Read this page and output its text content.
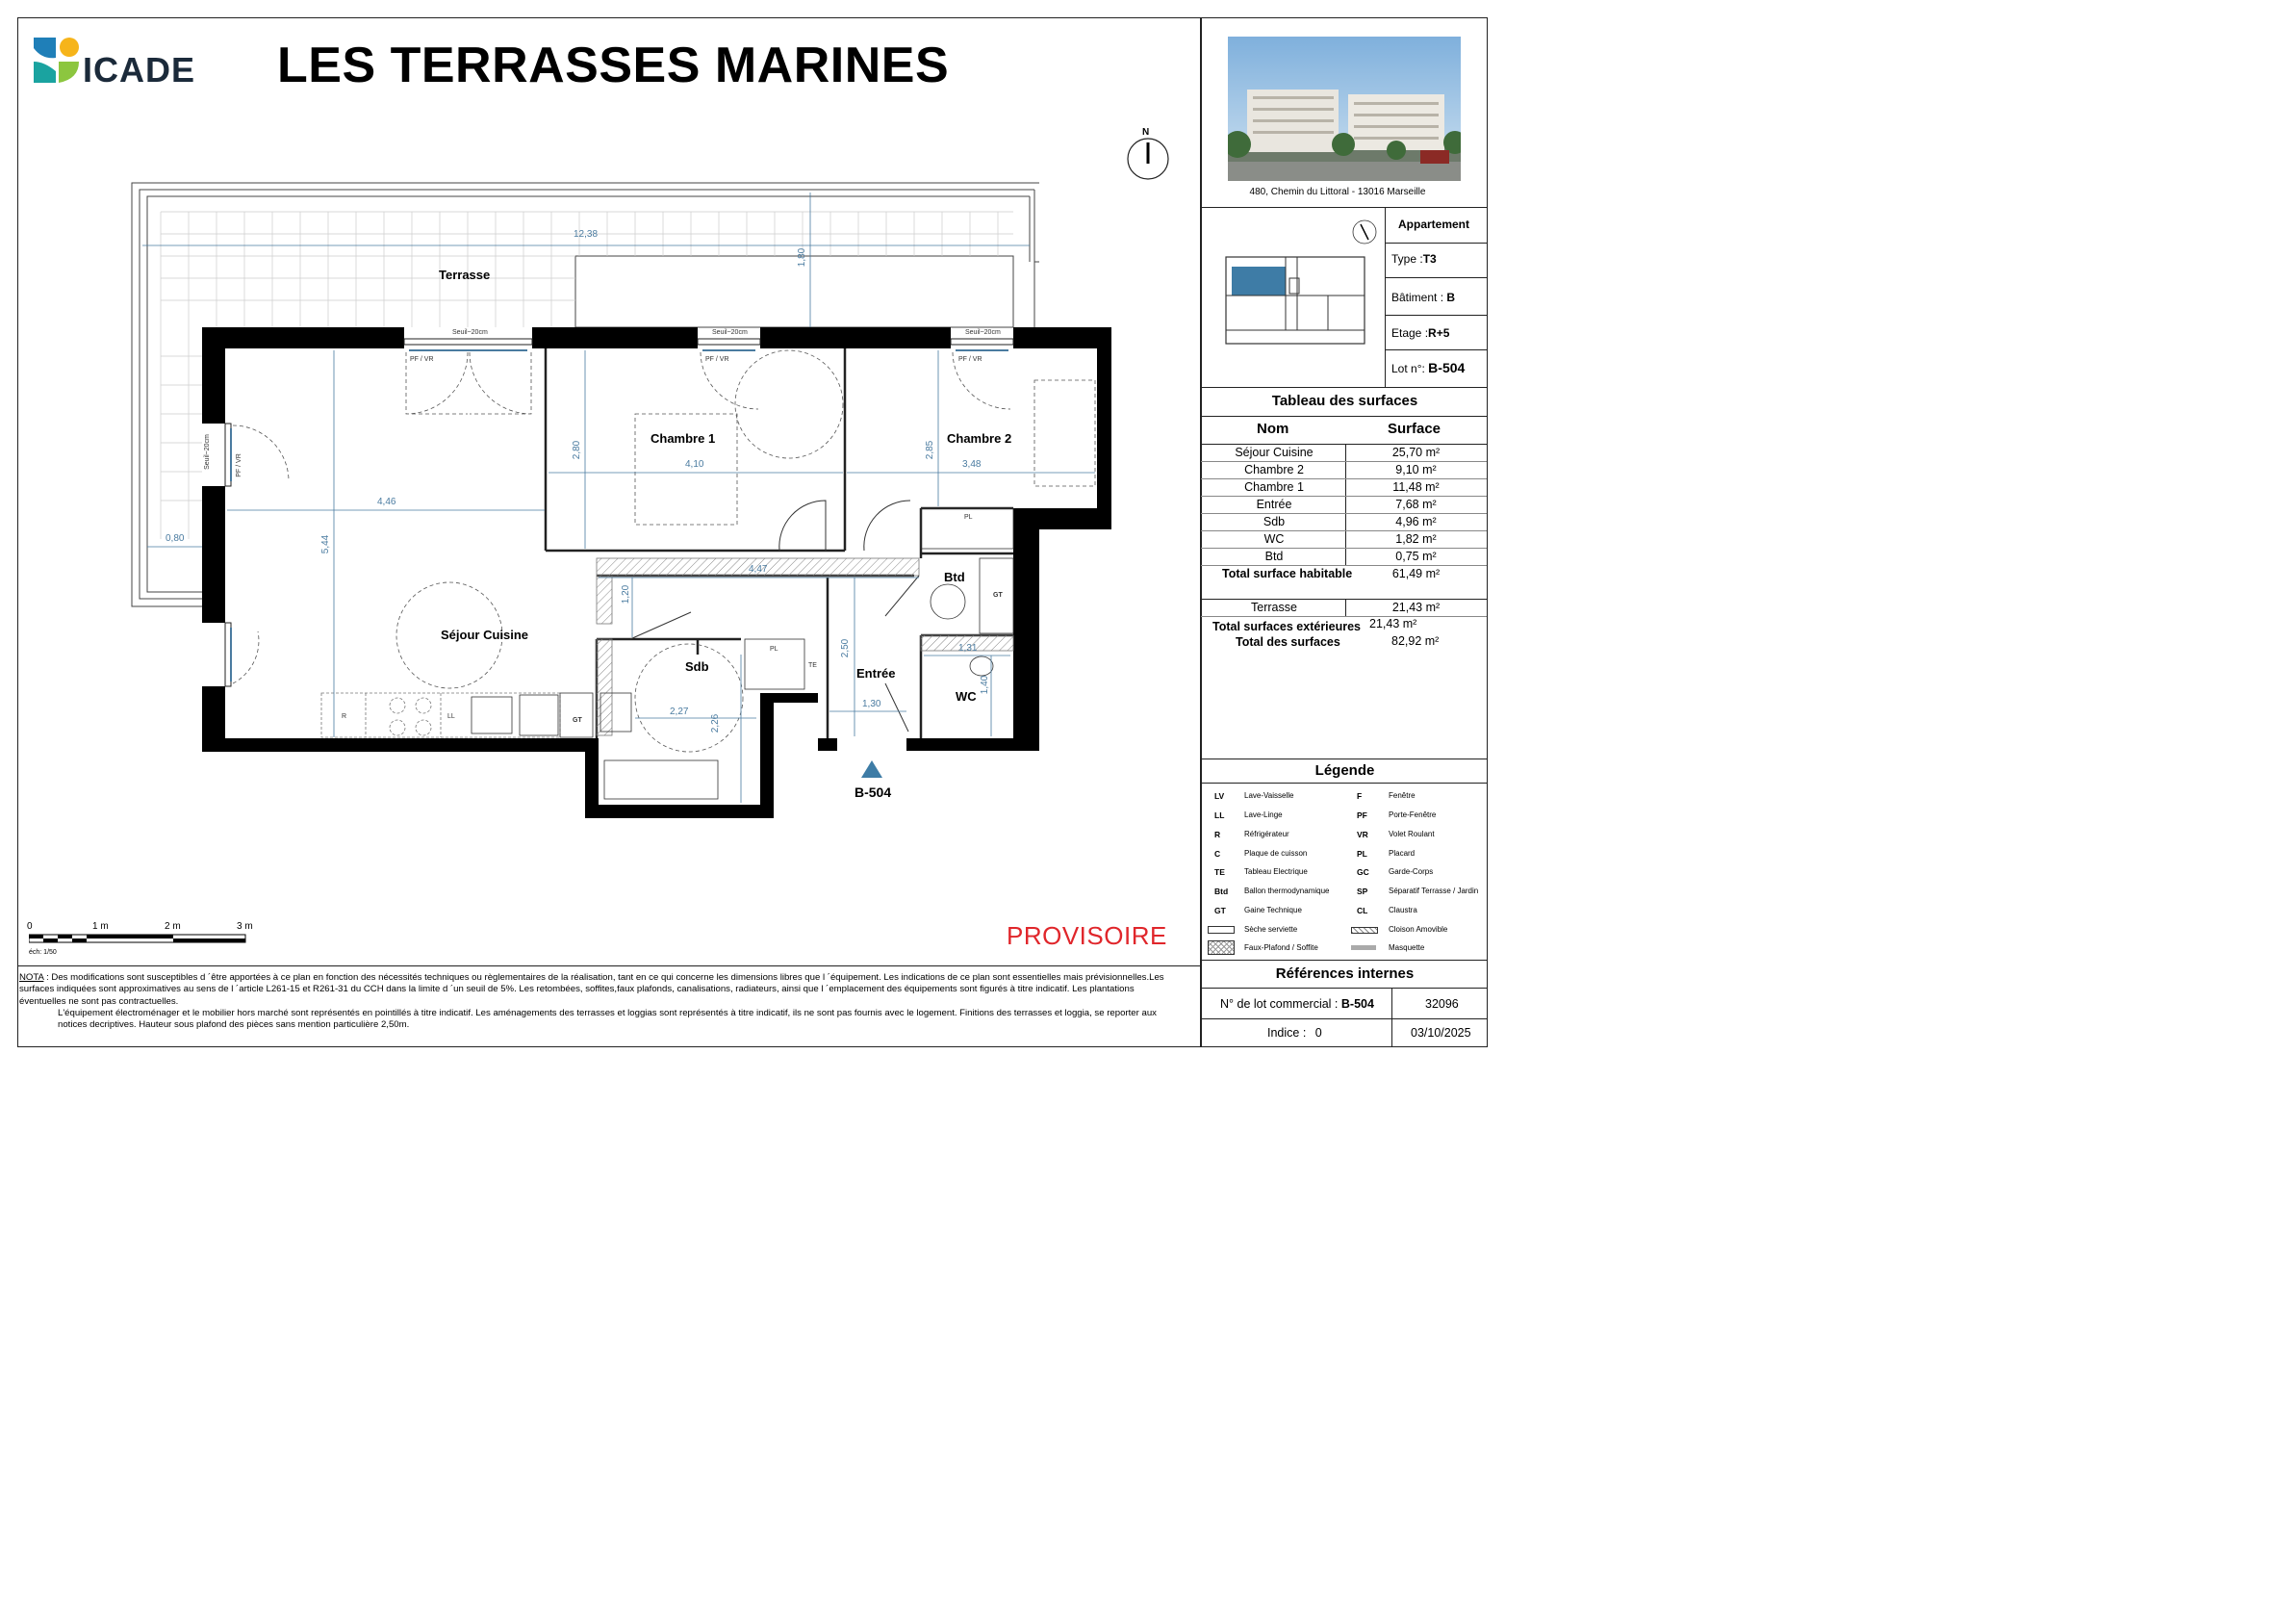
ICADE LES TERRASSES MARINES
N
Terrasse
Chambre 1	Chambre 2
Séjour Cuisine
Sdb	Entrée
WC
Btd
12,38
1,80
0,80
4,46
5,44
2,80
4,10
2,85
3,48
4,47
1,20
2,50
2,27
2,26
1,30
1,31
1,40
Seuil~20cm	Seuil~20cm	Seuil~20cm
Seuil~20cm
PF / VR	PF / VR	PF / VR
PF / VR
PL
PL
GT
GT
R	LL
TE
B-504
PROVISOIRE
0	1 m	2 m	3 m
éch: 1/50

NOTA : Des modifications sont susceptibles d ´être apportées à ce plan en fonction des nécessités techniques ou règlementaires de la réalisation, tant en ce qui concerne les dimensions libres que l ´équipement. Les indications de ce plan sont essentielles mais prévisionnelles.Les surfaces indiquées sont approximatives au sens de l ´article L261-15 et R261-31 du CCH dans la limite d ´un seuil de 5%. Les retombées, soffites,faux plafonds, canalisations, radiateurs, ainsi que l ´emplacement des équipements sont figurés à titre indicatif. Les plantations éventuelles ne sont pas contractuelles.

L'équipement électroménager et le mobilier hors marché sont représentés en pointillés à titre indicatif. Les aménagements des terrasses et loggias sont représentés à titre indicatif, ils ne sont pas fournis avec le logement. Finitions des terrasses et loggia, se reporter aux notices decriptives. Hauteur sous plafond des pièces sans mention particulière 2,50m.

480, Chemin du Littoral - 13016 Marseille
Appartement
Type :T3
Bâtiment : B
Etage :R+5
Lot n°: B-504
Tableau des surfaces
Nom	Surface
Séjour Cuisine	25,70 m²
Chambre 2	9,10 m²
Chambre 1	11,48 m²
Entrée	7,68 m²
Sdb	4,96 m²
WC	1,82 m²
Btd	0,75 m²
Total surface habitable	61,49 m²
Terrasse	21,43 m²
Total surfaces extérieures 21,43 m²
Total des surfaces	82,92 m²
Légende
LV	Lave-Vaisselle
LL	Lave-Linge
R	Réfrigérateur
C	Plaque de cuisson
TE	Tableau Electrique
Btd Ballon thermodynamique
GT Gaine Technique
Sèche serviette
Faux-Plafond / Soffite
F	Fenêtre
PF	Porte-Fenêtre
VR	Volet Roulant
PL	Placard
GC	Garde-Corps
SP	Séparatif Terrasse / Jardin
CL	Claustra
Cloison Amovible
Masquette
Références internes
N° de lot commercial : B-504	32096
Indice : 0	03/10/2025
